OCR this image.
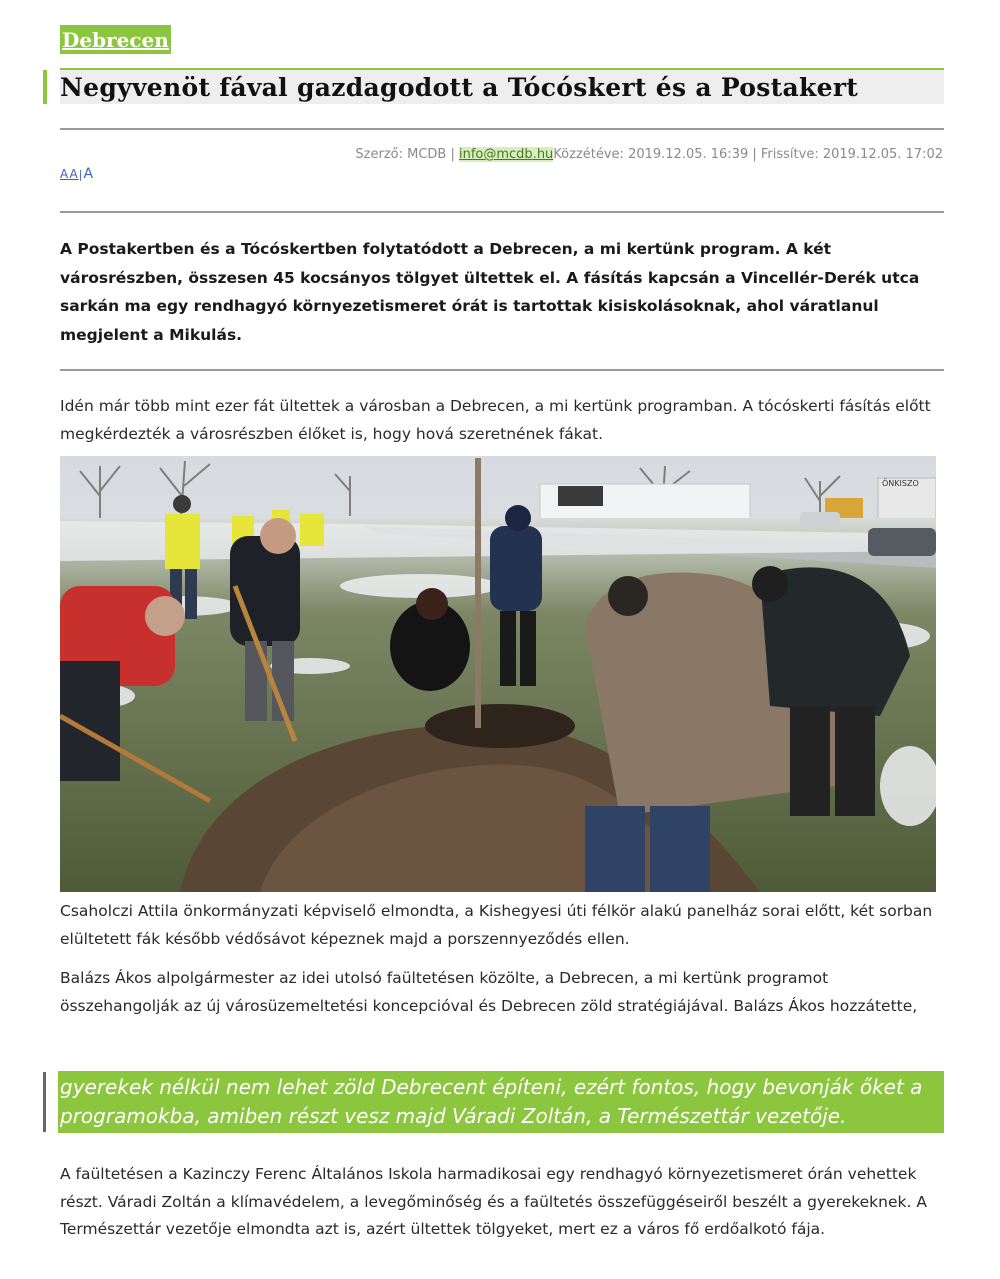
Debrecen
Negyvenöt fával gazdagodott a Tócóskert és a Postakert
Szerző: MCDB | info@mcdb.huKözzétéve: 2019.12.05. 16:39 | Frissítve: 2019.12.05. 17:02
AA|A

A Postakertben és a Tócóskertben folytatódott a Debrecen, a mi kertünk program. A két városrészben, összesen 45 kocsányos tölgyet ültettek el. A fásítás kapcsán a Vincellér-Derék utca sarkán ma egy rendhagyó környezetismeret órát is tartottak kisiskolásoknak, ahol váratlanul megjelent a Mikulás.

Idén már több mint ezer fát ültettek a városban a Debrecen, a mi kertünk programban. A tócóskerti fásítás előtt megkérdezték a városrészben élőket is, hogy hová szeretnének fákat.

ÖNKISZO

Csaholczi Attila önkormányzati képviselő elmondta, a Kishegyesi úti félkör alakú panelház sorai előtt, két sorban elültetett fák később védősávot képeznek majd a porszennyeződés ellen.

Balázs Ákos alpolgármester az idei utolsó faültetésen közölte, a Debrecen, a mi kertünk programot összehangolják az új városüzemeltetési koncepcióval és Debrecen zöld stratégiájával. Balázs Ákos hozzátette,

gyerekek nélkül nem lehet zöld Debrecent építeni, ezért fontos, hogy bevonják őket a programokba, amiben részt vesz majd Váradi Zoltán, a Természettár vezetője.

A faültetésen a Kazinczy Ferenc Általános Iskola harmadikosai egy rendhagyó környezetismeret órán vehettek részt. Váradi Zoltán a klímavédelem, a levegőminőség és a faültetés összefüggéseiről beszélt a gyerekeknek. A Természettár vezetője elmondta azt is, azért ültettek tölgyeket, mert ez a város fő erdőalkotó fája.
